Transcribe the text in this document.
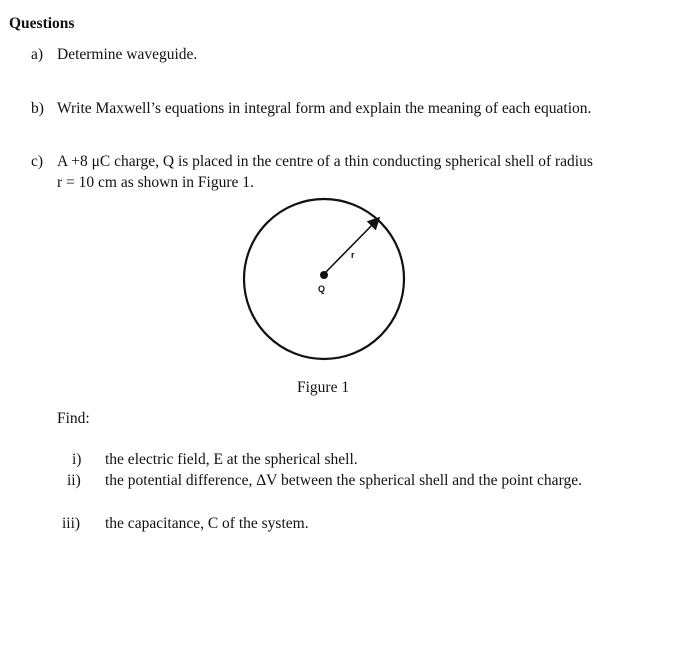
Questions
a) Determine waveguide.
b) Write Maxwell’s equations in integral form and explain the meaning of each equation.
c) A +8 μC charge, Q is placed in the centre of a thin conducting spherical shell of radius
r = 10 cm as shown in Figure 1.
Q
r
Figure 1
Find:
i) the electric field, E at the spherical shell.
ii) the potential difference, ΔV between the spherical shell and the point charge.
iii) the capacitance, C of the system.
